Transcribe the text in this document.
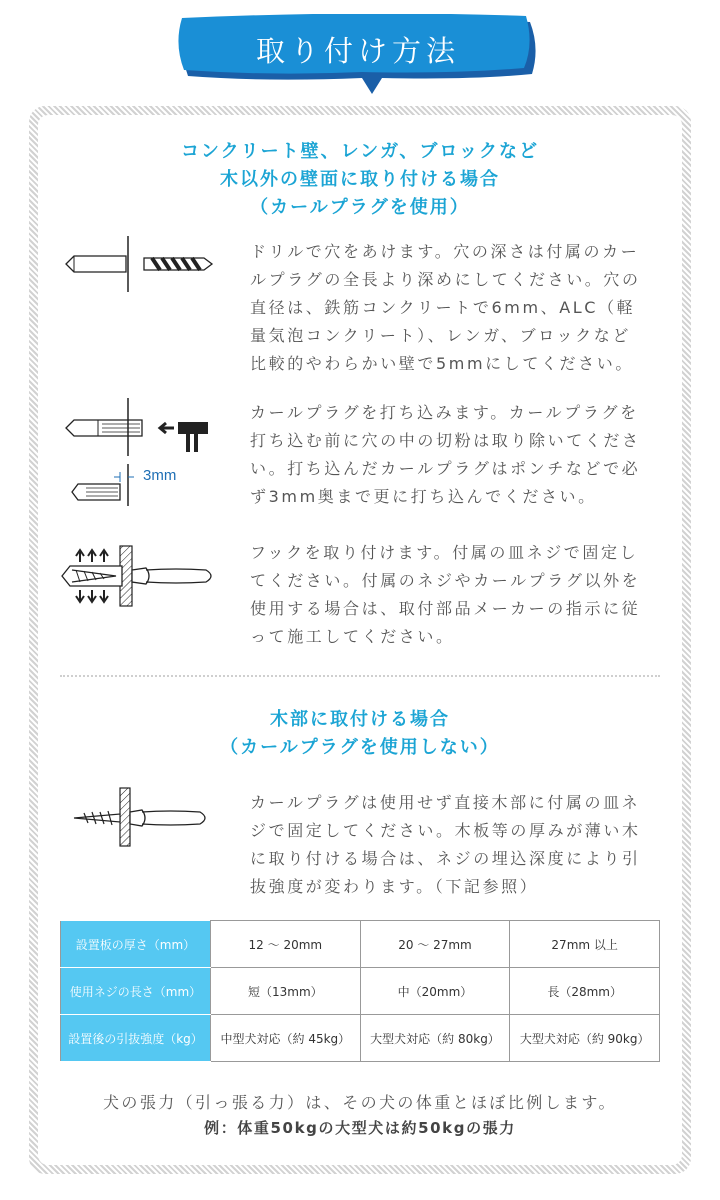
取り付け方法
コンクリート壁、レンガ、ブロックなど
木以外の壁面に取り付ける場合
（カールプラグを使用）
ドリルで穴をあけます。穴の深さは付属のカー
ルプラグの全長より深めにしてください。穴の
直径は、鉄筋コンクリートで6mm、ALC（軽
量気泡コンクリート）、レンガ、ブロックなど
比較的やわらかい壁で5mmにしてください。
3mm
カールプラグを打ち込みます。カールプラグを
打ち込む前に穴の中の切粉は取り除いてくださ
い。打ち込んだカールプラグはポンチなどで必
ず3mm奥まで更に打ち込んでください。
フックを取り付けます。付属の皿ネジで固定し
てください。付属のネジやカールプラグ以外を
使用する場合は、取付部品メーカーの指示に従
って施工してください。
木部に取付ける場合
（カールプラグを使用しない）
カールプラグは使用せず直接木部に付属の皿ネ
ジで固定してください。木板等の厚みが薄い木
に取り付ける場合は、ネジの埋込深度により引
抜強度が変わります。（下記参照）
設置板の厚さ（mm）	12 〜 20mm	20 〜 27mm	27mm 以上
使用ネジの長さ（mm）	短（13mm）	中（20mm）	長（28mm）
設置後の引抜強度（kg）	中型犬対応（約 45kg）	大型犬対応（約 80kg）	大型犬対応（約 90kg）
犬の張力（引っ張る力）は、その犬の体重とほぼ比例します。
例：体重50kgの大型犬は約50kgの張力
